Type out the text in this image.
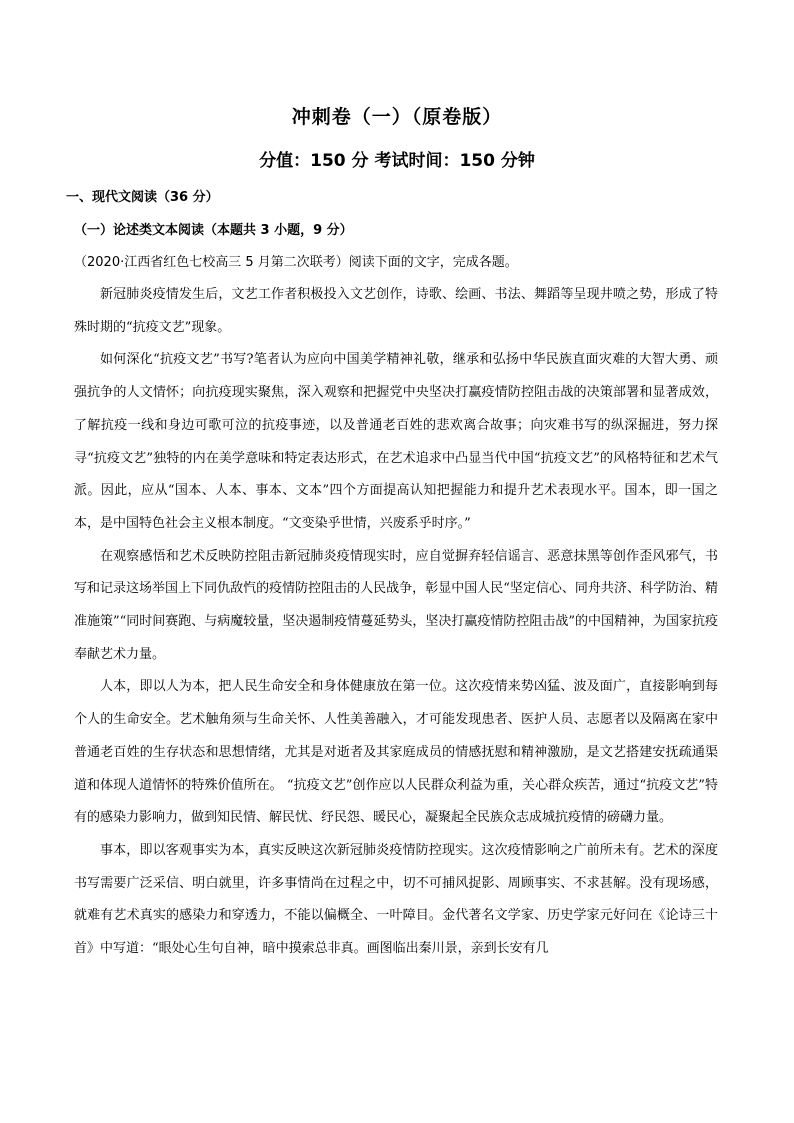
冲刺卷（一）（原卷版）
分值：150 分 考试时间：150 分钟
一、现代文阅读（36 分）
（一）论述类文本阅读（本题共 3 小题，9 分）
（2020·江西省红色七校高三 5 月第二次联考）阅读下面的文字，完成各题。

新冠肺炎疫情发生后，文艺工作者积极投入文艺创作，诗歌、绘画、书法、舞蹈等呈现井喷之势，形成了特殊时期的“抗疫文艺”现象。

如何深化“抗疫文艺”书写?笔者认为应向中国美学精神礼敬，继承和弘扬中华民族直面灾难的大智大勇、顽强抗争的人文情怀；向抗疫现实聚焦，深入观察和把握党中央坚决打赢疫情防控阻击战的决策部署和显著成效，了解抗疫一线和身边可歌可泣的抗疫事迹，以及普通老百姓的悲欢离合故事；向灾难书写的纵深掘进，努力探寻“抗疫文艺”独特的内在美学意味和特定表达形式，在艺术追求中凸显当代中国“抗疫文艺”的风格特征和艺术气派。因此，应从“国本、人本、事本、文本”四个方面提高认知把握能力和提升艺术表现水平。国本，即一国之本，是中国特色社会主义根本制度。“文变染乎世情，兴废系乎时序。”

在观察感悟和艺术反映防控阻击新冠肺炎疫情现实时，应自觉摒弃轻信谣言、恶意抹黑等创作歪风邪气，书写和记录这场举国上下同仇敌忾的疫情防控阻击的人民战争，彰显中国人民“坚定信心、同舟共济、科学防治、精准施策”“同时间赛跑、与病魔较量，坚决遏制疫情蔓延势头，坚决打赢疫情防控阻击战”的中国精神，为国家抗疫奉献艺术力量。

人本，即以人为本，把人民生命安全和身体健康放在第一位。这次疫情来势凶猛、波及面广，直接影响到每个人的生命安全。艺术触角须与生命关怀、人性美善融入，才可能发现患者、医护人员、志愿者以及隔离在家中普通老百姓的生存状态和思想情绪，尤其是对逝者及其家庭成员的情感抚慰和精神激励，是文艺搭建安抚疏通渠道和体现人道情怀的特殊价值所在。 “抗疫文艺”创作应以人民群众利益为重，关心群众疾苦，通过“抗疫文艺”特有的感染力影响力，做到知民情、解民忧、纾民怨、暖民心，凝聚起全民族众志成城抗疫情的磅礴力量。

事本，即以客观事实为本，真实反映这次新冠肺炎疫情防控现实。这次疫情影响之广前所未有。艺术的深度书写需要广泛采信、明白就里，许多事情尚在过程之中，切不可捕风捉影、周顾事实、不求甚解。没有现场感，就难有艺术真实的感染力和穿透力，不能以偏概全、一叶障目。金代著名文学家、历史学家元好问在《论诗三十首》中写道：“眼处心生句自神，暗中摸索总非真。画图临出秦川景，亲到长安有几
